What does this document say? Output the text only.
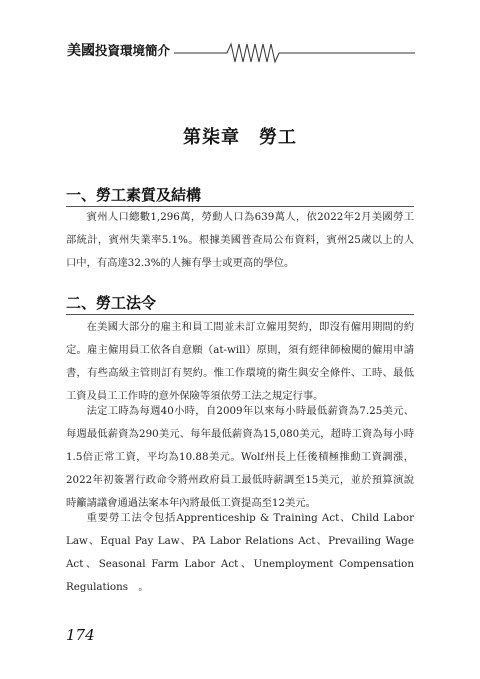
美國投資環境簡介
第柒章　勞工
一、勞工素質及結構
賓州人口總數1,296萬，勞動人口為639萬人，依2022年2月美國勞工部統計，賓州失業率5.1%。根據美國普查局公布資料，賓州25歲以上的人口中，有高達32.3%的人擁有學士或更高的學位。
二、勞工法令
在美國大部分的雇主和員工間並未訂立僱用契約，即沒有僱用期間的約定。雇主僱用員工依各自意願（at-will）原則，須有經律師檢閱的僱用申請書，有些高級主管則訂有契約。惟工作環境的衛生與安全條件、工時、最低工資及員工工作時的意外保險等須依勞工法之規定行事。
法定工時為每週40小時，自2009年以來每小時最低薪資為7.25美元、每週最低薪資為290美元、每年最低薪資為15,080美元，超時工資為每小時1.5倍正常工資，平均為10.88美元。Wolf州長上任後積極推動工資調漲，2022年初簽署行政命令將州政府員工最低時薪調至15美元，並於預算演說時籲請議會通過法案本年內將最低工資提高至12美元。
重要勞工法令包括Apprenticeship & Training Act、Child Labor Law、Equal Pay Law、PA Labor Relations Act、Prevailing Wage Act、Seasonal Farm Labor Act、Unemployment Compensation Regulations　。
174
